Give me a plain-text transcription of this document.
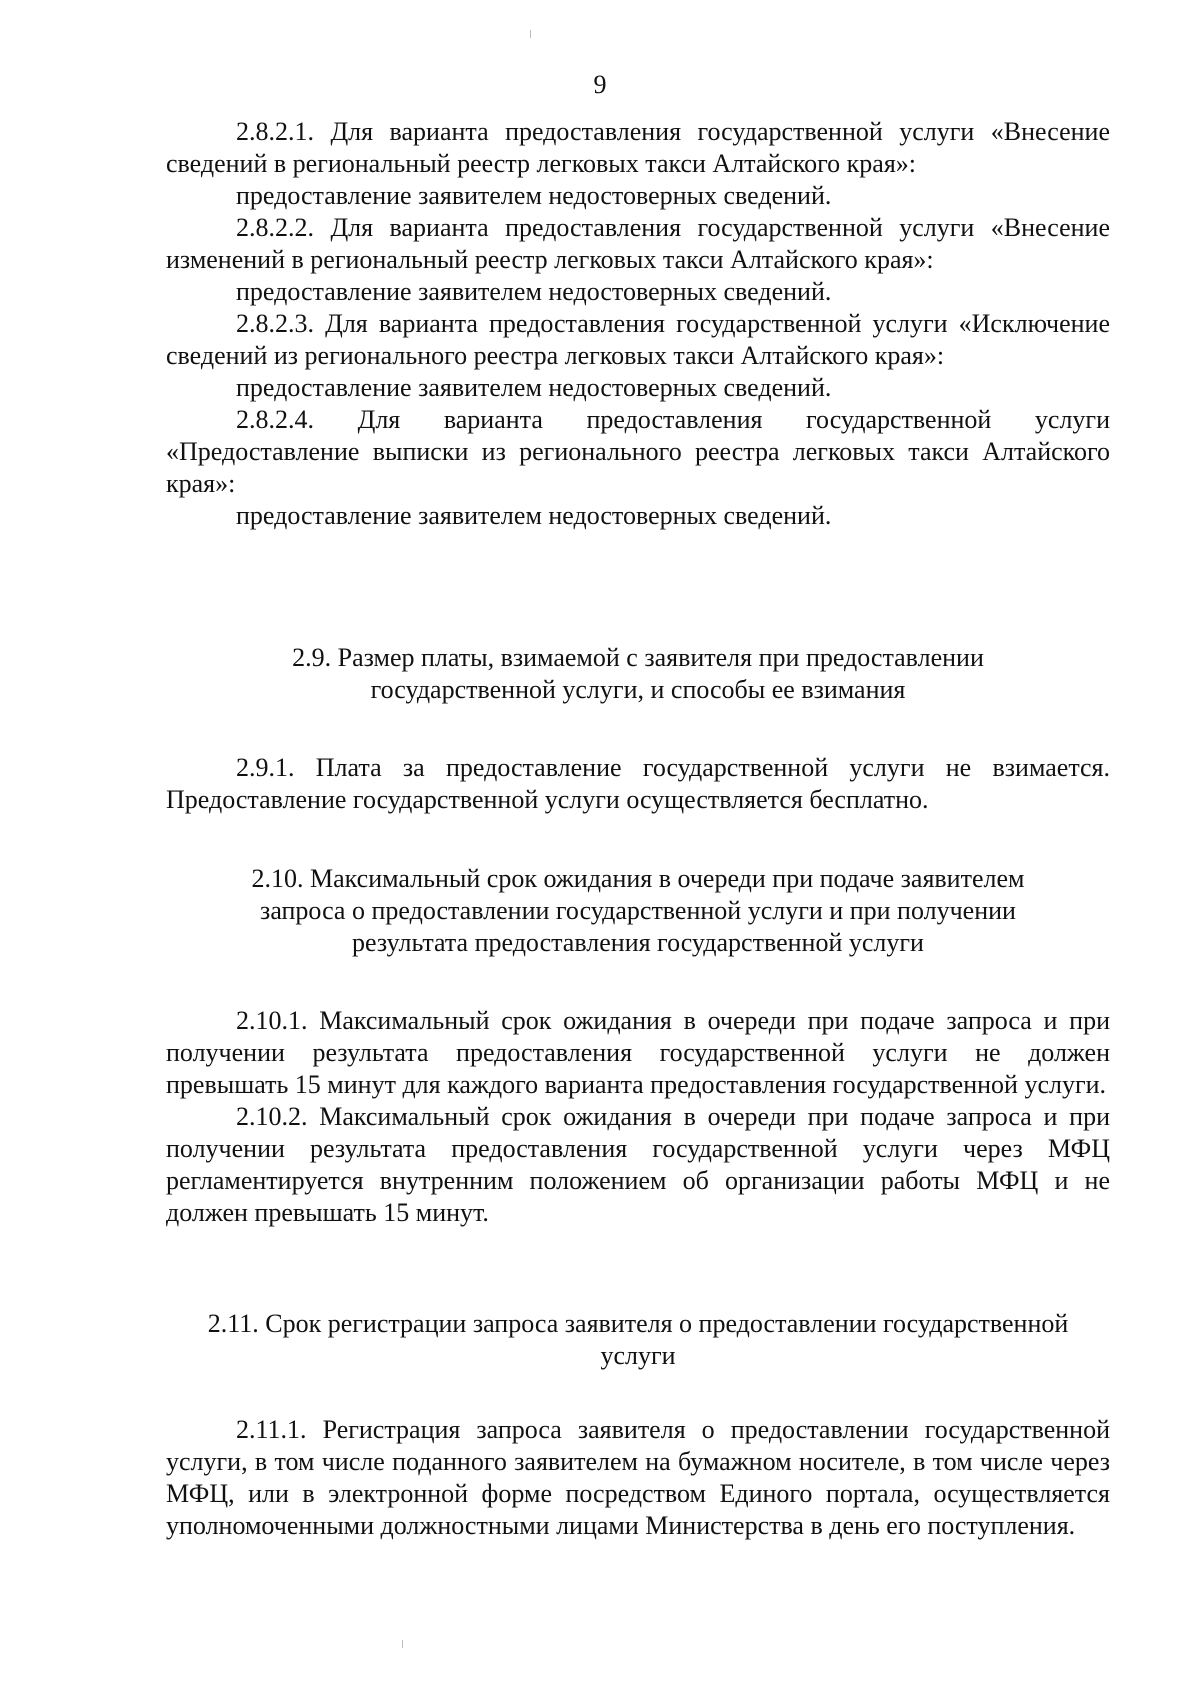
9

2.8.2.1. Для варианта предоставления государственной услуги «Внесение сведений в региональный реестр легковых такси Алтайского края»:

предоставление заявителем недостоверных сведений.

2.8.2.2. Для варианта предоставления государственной услуги «Внесение изменений в региональный реестр легковых такси Алтайского края»:

предоставление заявителем недостоверных сведений.

2.8.2.3. Для варианта предоставления государственной услуги «Исключение сведений из регионального реестра легковых такси Алтайского края»:

предоставление заявителем недостоверных сведений.

2.8.2.4. Для варианта предоставления государственной услуги «Предоставление выписки из регионального реестра легковых такси Алтайского края»:

предоставление заявителем недостоверных сведений.

2.9. Размер платы, взимаемой с заявителя при предоставлении

государственной услуги, и способы ее взимания

2.9.1. Плата за предоставление государственной услуги не взимается. Предоставление государственной услуги осуществляется бесплатно.

2.10. Максимальный срок ожидания в очереди при подаче заявителем

запроса о предоставлении государственной услуги и при получении

результата предоставления государственной услуги

2.10.1. Максимальный срок ожидания в очереди при подаче запроса и при получении результата предоставления государственной услуги не должен превышать 15 минут для каждого варианта предоставления государственной услуги.

2.10.2. Максимальный срок ожидания в очереди при подаче запроса и при получении результата предоставления государственной услуги через МФЦ регламентируется внутренним положением об организации работы МФЦ и не должен превышать 15 минут.

2.11. Срок регистрации запроса заявителя о предоставлении государственной

услуги

2.11.1. Регистрация запроса заявителя о предоставлении государственной услуги, в том числе поданного заявителем на бумажном носителе, в том числе через МФЦ, или в электронной форме посредством Единого портала, осуществляется уполномоченными должностными лицами Министерства в день его поступления.
